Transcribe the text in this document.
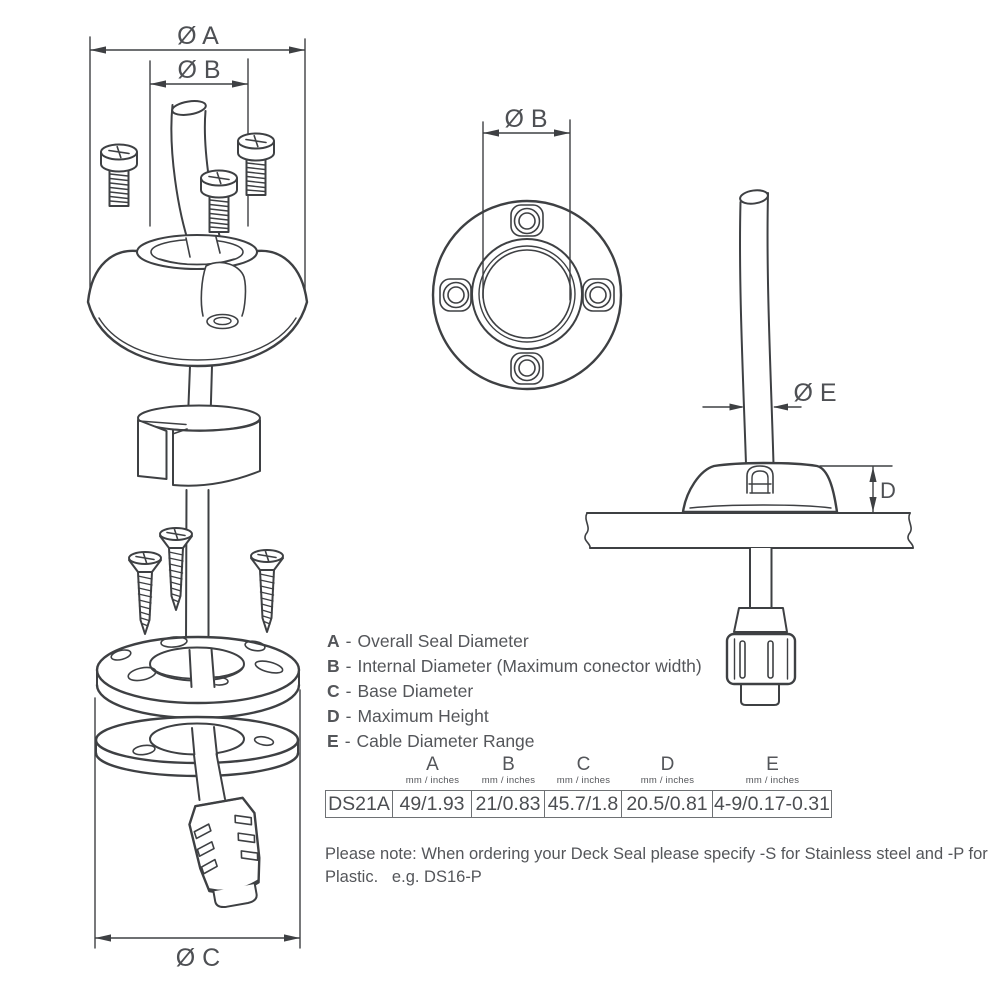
Ø A
Ø B
Ø C
Ø B
Ø E
D
A - Overall Seal Diameter
B - Internal Diameter (Maximum conector width)
C - Base Diameter
D - Maximum Height
E - Cable Diameter Range
A
mm / inches
B
mm / inches
C
mm / inches
D
mm / inches
E
mm / inches
DS21A 49/1.93 21/0.83 45.7/1.8 20.5/0.81 4-9/0.17-0.31
Please note: When ordering your Deck Seal please specify -S for Stainless steel and -P for
Plastic.   e.g. DS16-P
